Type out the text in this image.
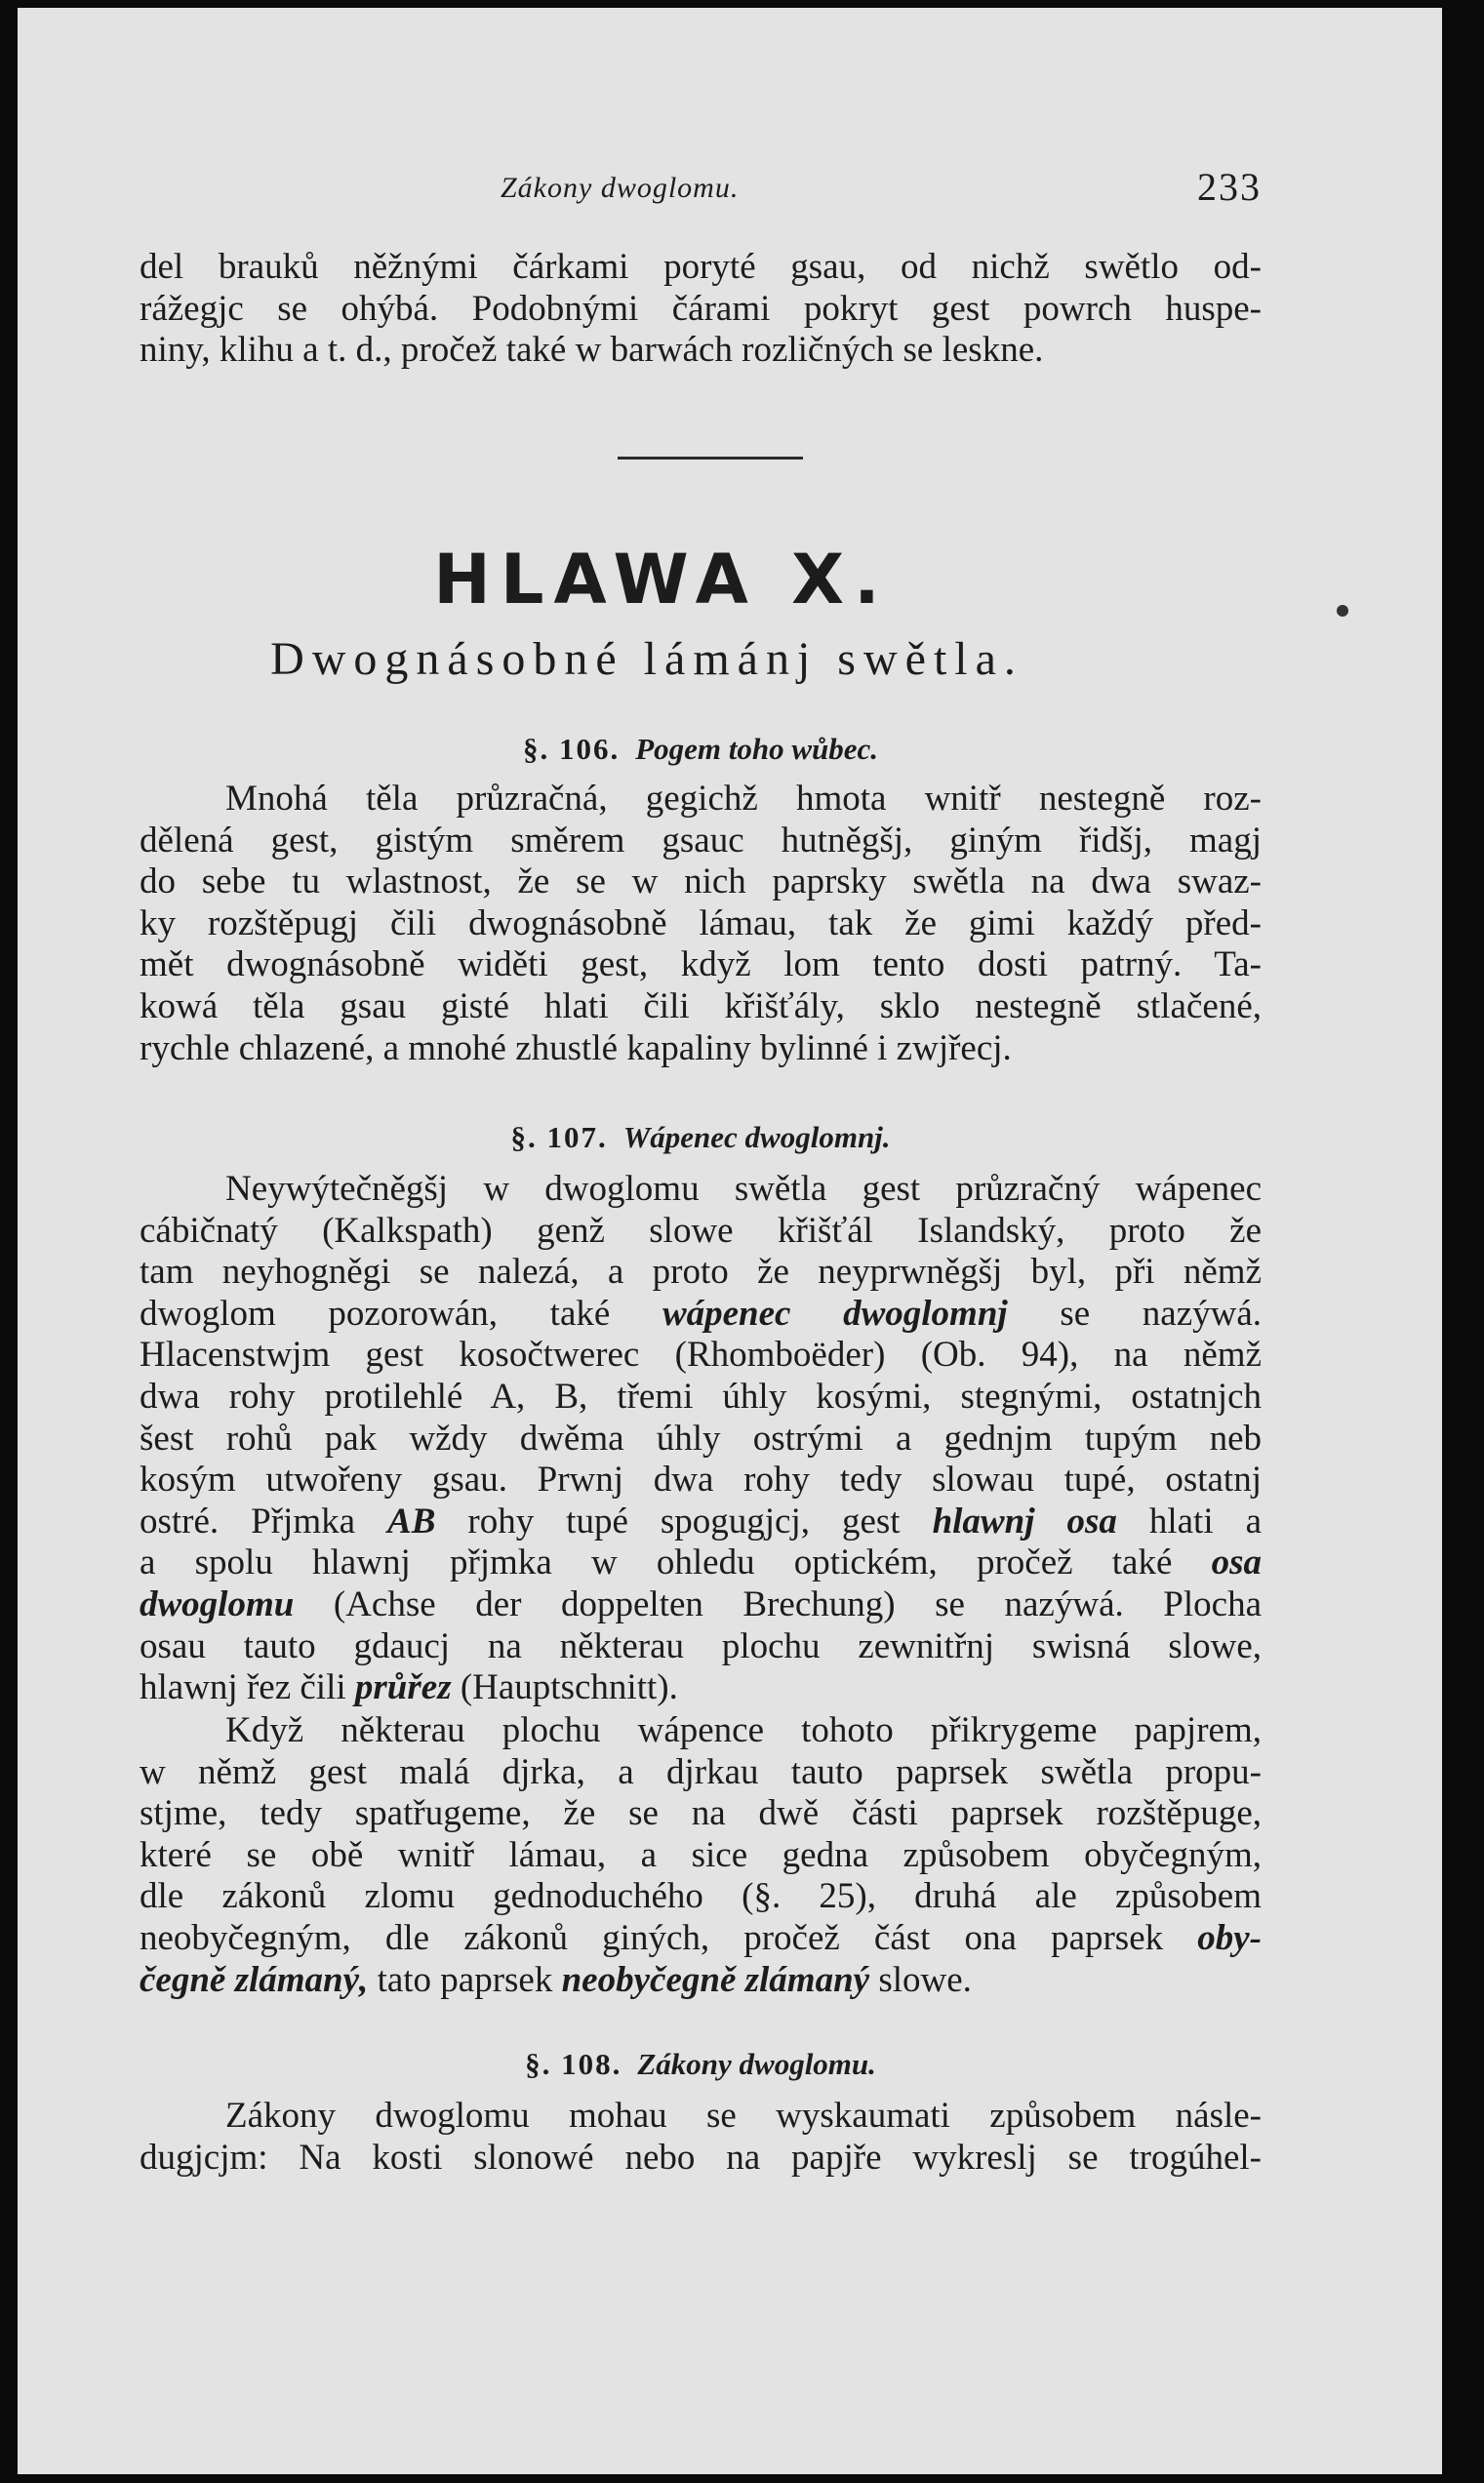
Zákony dwoglomu.	233

del brauků něžnými čárkami poryté gsau, od nichž swětlo od-

rážegjc se ohýbá. Podobnými čárami pokryt gest powrch huspe-

niny, klihu a t. d., pročež také w barwách rozličných se leskne.

HLAWA X.
Dwognásobné lámánj swětla.
§. 106. Pogem toho wůbec.

Mnohá těla průzračná, gegichž hmota wnitř nestegně roz-

dělená gest, gistým směrem gsauc hutněgšj, giným řidšj, magj

do sebe tu wlastnost, že se w nich paprsky swětla na dwa swaz-

ky rozštěpugj čili dwognásobně lámau, tak že gimi každý před-

mět dwognásobně widěti gest, když lom tento dosti patrný. Ta-

kowá těla gsau gisté hlati čili křišťály, sklo nestegně stlačené,

rychle chlazené, a mnohé zhustlé kapaliny bylinné i zwjřecj.

§. 107. Wápenec dwoglomnj.

Neywýtečněgšj w dwoglomu swětla gest průzračný wápenec

cábičnatý (Kalkspath) genž slowe křišťál Islandský, proto že

tam neyhogněgi se nalezá, a proto že neyprwněgšj byl, při němž

dwoglom pozorowán, také wápenec dwoglomnj se nazýwá.

Hlacenstwjm gest kosočtwerec (Rhomboëder) (Ob. 94), na němž

dwa rohy protilehlé A, B, třemi úhly kosými, stegnými, ostatnjch

šest rohů pak wždy dwěma úhly ostrými a gednjm tupým neb

kosým utwořeny gsau. Prwnj dwa rohy tedy slowau tupé, ostatnj

ostré. Přjmka AB rohy tupé spogugjcj, gest hlawnj osa hlati a

a spolu hlawnj přjmka w ohledu optickém, pročež také osa

dwoglomu (Achse der doppelten Brechung) se nazýwá. Plocha

osau tauto gdaucj na některau plochu zewnitřnj swisná slowe,

hlawnj řez čili průřez (Hauptschnitt).

Když některau plochu wápence tohoto přikrygeme papjrem,

w němž gest malá djrka, a djrkau tauto paprsek swětla propu-

stjme, tedy spatřugeme, že se na dwě části paprsek rozštěpuge,

které se obě wnitř lámau, a sice gedna způsobem obyčegným,

dle zákonů zlomu gednoduchého (§. 25), druhá ale způsobem

neobyčegným, dle zákonů giných, pročež část ona paprsek oby-

čegně zlámaný, tato paprsek neobyčegně zlámaný slowe.

§. 108. Zákony dwoglomu.

Zákony dwoglomu mohau se wyskaumati způsobem násle-

dugjcjm: Na kosti slonowé nebo na papjře wykreslj se trogúhel-
